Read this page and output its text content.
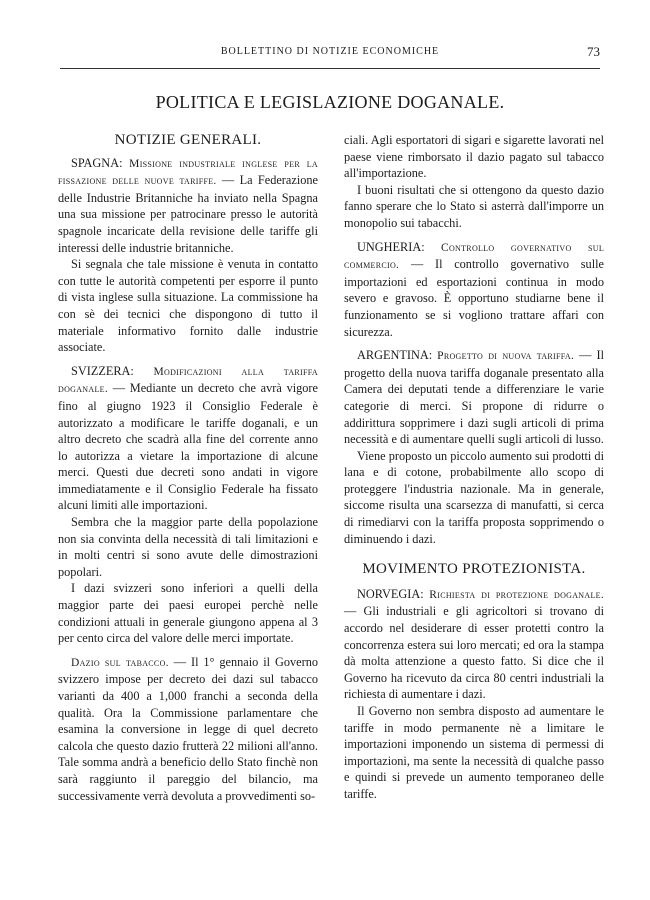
BOLLETTINO DI NOTIZIE ECONOMICHE	73
POLITICA E LEGISLAZIONE DOGANALE.
NOTIZIE GENERALI.

SPAGNA: Missione industriale inglese per la fissazione delle nuove tariffe. — La Federazione delle Industrie Britanniche ha inviato nella Spagna una sua missione per patrocinare presso le autorità spagnole incaricate della revisione delle tariffe gli interessi delle industrie britanniche.

Si segnala che tale missione è venuta in contatto con tutte le autorità competenti per esporre il punto di vista inglese sulla situazione. La commissione ha con sè dei tecnici che dispongono di tutto il materiale informativo fornito dalle industrie associate.

SVIZZERA: Modificazioni alla tariffa doganale. — Mediante un decreto che avrà vigore fino al giugno 1923 il Consiglio Federale è autorizzato a modificare le tariffe doganali, e un altro decreto che scadrà alla fine del corrente anno lo autorizza a vietare la importazione di alcune merci. Questi due decreti sono andati in vigore immediatamente e il Consiglio Federale ha fissato alcuni limiti alle importazioni.

Sembra che la maggior parte della popolazione non sia convinta della necessità di tali limitazioni e in molti centri si sono avute delle dimostrazioni popolari.

I dazi svizzeri sono inferiori a quelli della maggior parte dei paesi europei perchè nelle condizioni attuali in generale giungono appena al 3 per cento circa del valore delle merci importate.

Dazio sul tabacco. — Il 1° gennaio il Governo svizzero impose per decreto dei dazi sul tabacco varianti da 400 a 1,000 franchi a seconda della qualità. Ora la Commissione parlamentare che esamina la conversione in legge di quel decreto calcola che questo dazio frutterà 22 milioni all'anno. Tale somma andrà a beneficio dello Stato finchè non sarà raggiunto il pareggio del bilancio, ma successivamente verrà devoluta a provvedimenti so-

ciali. Agli esportatori di sigari e sigarette lavorati nel paese viene rimborsato il dazio pagato sul tabacco all'importazione.

I buoni risultati che si ottengono da questo dazio fanno sperare che lo Stato si asterrà dall'imporre un monopolio sui tabacchi.

UNGHERIA: Controllo governativo sul commercio. — Il controllo governativo sulle importazioni ed esportazioni continua in modo severo e gravoso. È opportuno studiarne bene il funzionamento se si vogliono trattare affari con sicurezza.

ARGENTINA: Progetto di nuova tariffa. — Il progetto della nuova tariffa doganale presentato alla Camera dei deputati tende a differenziare le varie categorie di merci. Si propone di ridurre o addirittura sopprimere i dazi sugli articoli di prima necessità e di aumentare quelli sugli articoli di lusso.

Viene proposto un piccolo aumento sui prodotti di lana e di cotone, probabilmente allo scopo di proteggere l'industria nazionale. Ma in generale, siccome risulta una scarsezza di manufatti, si cerca di rimediarvi con la tariffa proposta sopprimendo o diminuendo i dazi.

MOVIMENTO PROTEZIONISTA.

NORVEGIA: Richiesta di protezione doganale. — Gli industriali e gli agricoltori si trovano di accordo nel desiderare di esser protetti contro la concorrenza estera sui loro mercati; ed ora la stampa dà molta attenzione a questo fatto. Si dice che il Governo ha ricevuto da circa 80 centri industriali la richiesta di aumentare i dazi.

Il Governo non sembra disposto ad aumentare le tariffe in modo permanente nè a limitare le importazioni imponendo un sistema di permessi di importazioni, ma sente la necessità di qualche passo e quindi si prevede un aumento temporaneo delle tariffe.
